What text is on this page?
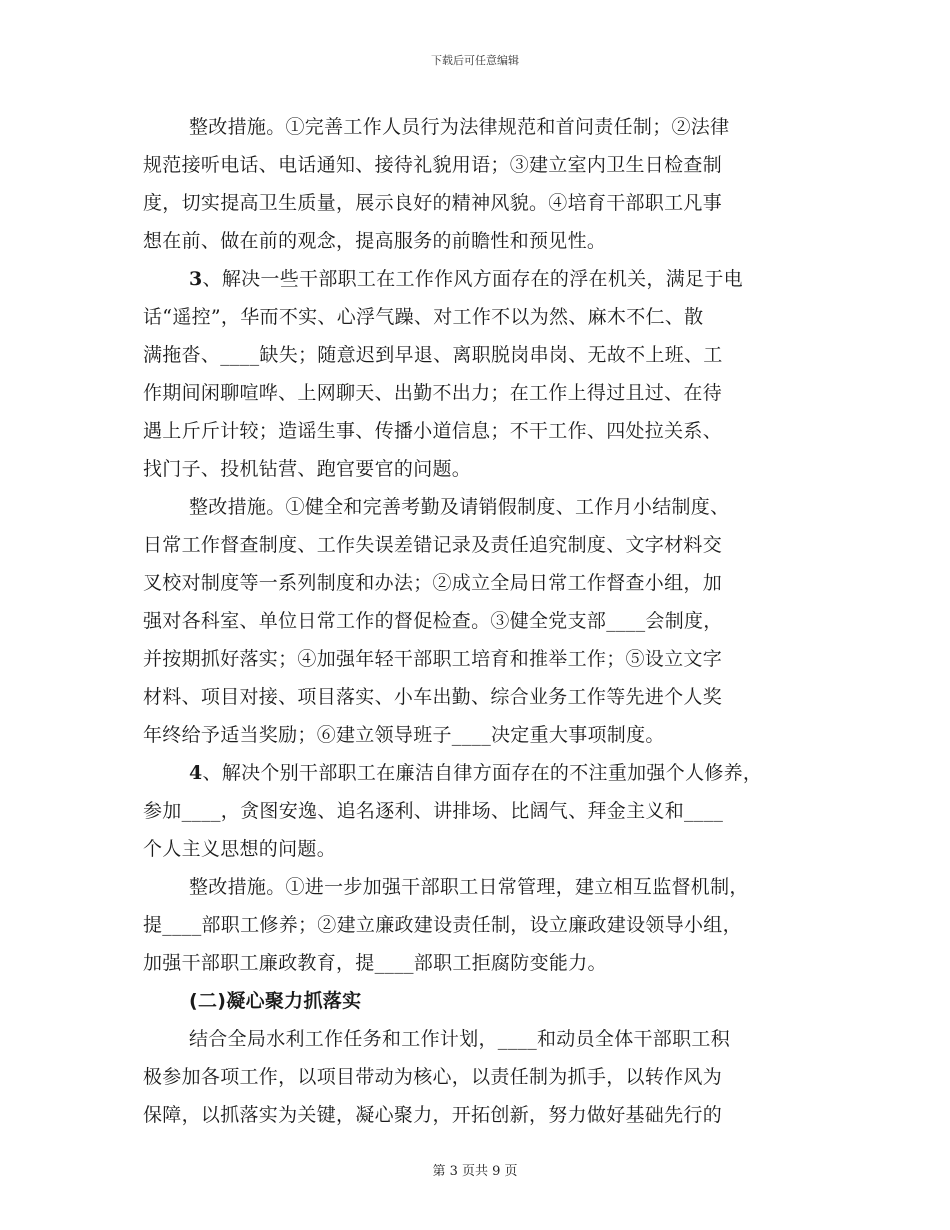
下载后可任意编辑
整改措施。①完善工作人员行为法律规范和首问责任制；②法律
规范接听电话、电话通知、接待礼貌用语；③建立室内卫生日检查制
度，切实提高卫生质量，展示良好的精神风貌。④培育干部职工凡事
想在前、做在前的观念，提高服务的前瞻性和预见性。
3、解决一些干部职工在工作作风方面存在的浮在机关，满足于电
话“遥控”，华而不实、心浮气躁、对工作不以为然、麻木不仁、散
满拖沓、____缺失；随意迟到早退、离职脱岗串岗、无故不上班、工
作期间闲聊喧哗、上网聊天、出勤不出力；在工作上得过且过、在待
遇上斤斤计较；造谣生事、传播小道信息；不干工作、四处拉关系、
找门子、投机钻营、跑官要官的问题。
整改措施。①健全和完善考勤及请销假制度、工作月小结制度、
日常工作督查制度、工作失误差错记录及责任追究制度、文字材料交
叉校对制度等一系列制度和办法；②成立全局日常工作督查小组，加
强对各科室、单位日常工作的督促检查。③健全党支部____会制度，
并按期抓好落实；④加强年轻干部职工培育和推举工作；⑤设立文字
材料、项目对接、项目落实、小车出勤、综合业务工作等先进个人奖
年终给予适当奖励；⑥建立领导班子____决定重大事项制度。
4、解决个别干部职工在廉洁自律方面存在的不注重加强个人修养，
参加____，贪图安逸、追名逐利、讲排场、比阔气、拜金主义和____
个人主义思想的问题。
整改措施。①进一步加强干部职工日常管理，建立相互监督机制，
提____部职工修养；②建立廉政建设责任制，设立廉政建设领导小组，
加强干部职工廉政教育，提____部职工拒腐防变能力。
(二)凝心聚力抓落实
结合全局水利工作任务和工作计划，____和动员全体干部职工积
极参加各项工作，以项目带动为核心，以责任制为抓手，以转作风为
保障，以抓落实为关键，凝心聚力，开拓创新，努力做好基础先行的
第 3 页共 9 页
